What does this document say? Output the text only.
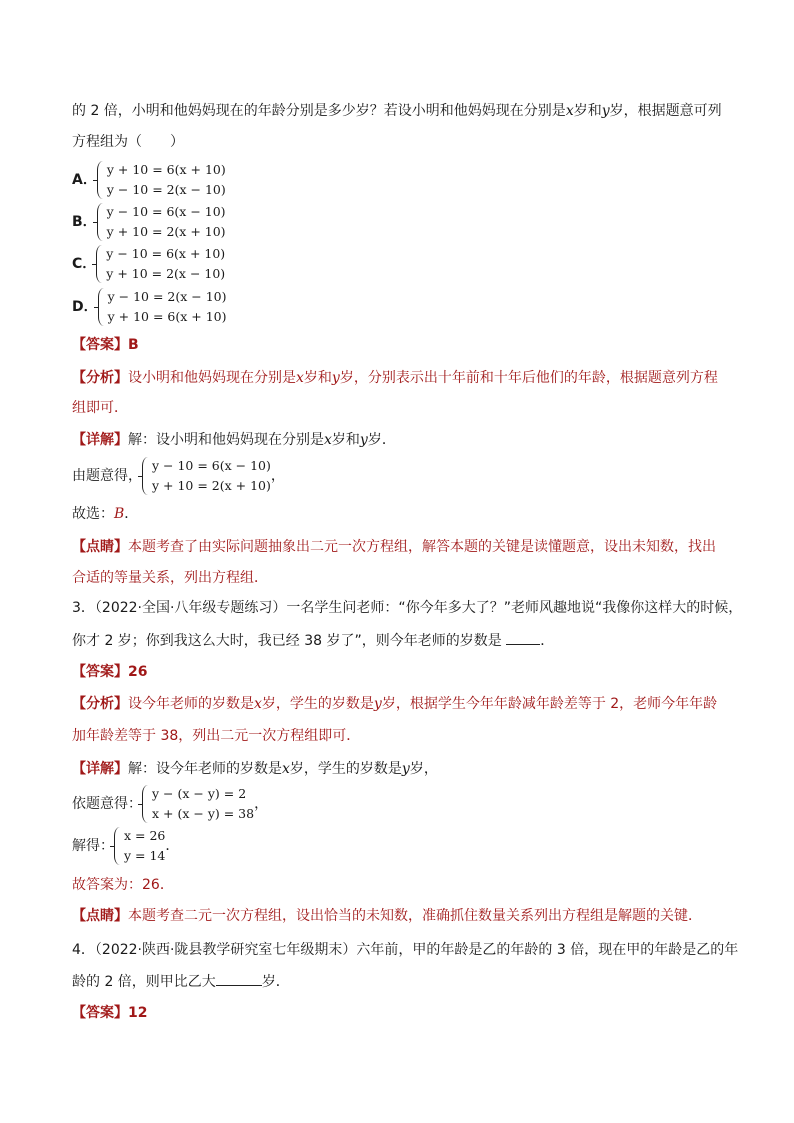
的 2 倍，小明和他妈妈现在的年龄分别是多少岁？若设小明和他妈妈现在分别是x岁和y岁，根据题意可列
方程组为（　　）
A．
y + 10 = 6(x + 10)
y − 10 = 2(x − 10)
B．
y − 10 = 6(x − 10)
y + 10 = 2(x + 10)
C．
y − 10 = 6(x + 10)
y + 10 = 2(x − 10)
D．
y − 10 = 2(x − 10)
y + 10 = 6(x + 10)
【答案】B
【分析】设小明和他妈妈现在分别是x岁和y岁，分别表示出十年前和十年后他们的年龄，根据题意列方程
组即可．
【详解】解：设小明和他妈妈现在分别是x岁和y岁．
由题意得，
y − 10 = 6(x − 10)
y + 10 = 2(x + 10)
，
故选：B．
【点睛】本题考查了由实际问题抽象出二元一次方程组，解答本题的关键是读懂题意，设出未知数，找出
合适的等量关系，列出方程组．
3．（2022·全国·八年级专题练习）一名学生问老师：“你今年多大了？”老师风趣地说“我像你这样大的时候，
你才 2 岁；你到我这么大时，我已经 38 岁了”，则今年老师的岁数是	．
【答案】26
【分析】设今年老师的岁数是x岁，学生的岁数是y岁，根据学生今年年龄减年龄差等于 2，老师今年年龄
加年龄差等于 38，列出二元一次方程组即可．
【详解】解：设今年老师的岁数是x岁，学生的岁数是y岁，
依题意得：
y − (x − y) = 2
x + (x − y) = 38
，
解得：
x = 26
y = 14
．
故答案为：26．
【点睛】本题考查二元一次方程组，设出恰当的未知数，准确抓住数量关系列出方程组是解题的关键．
4．（2022·陕西·陇县教学研究室七年级期末）六年前，甲的年龄是乙的年龄的 3 倍，现在甲的年龄是乙的年
龄的 2 倍，则甲比乙大	岁．
【答案】12
